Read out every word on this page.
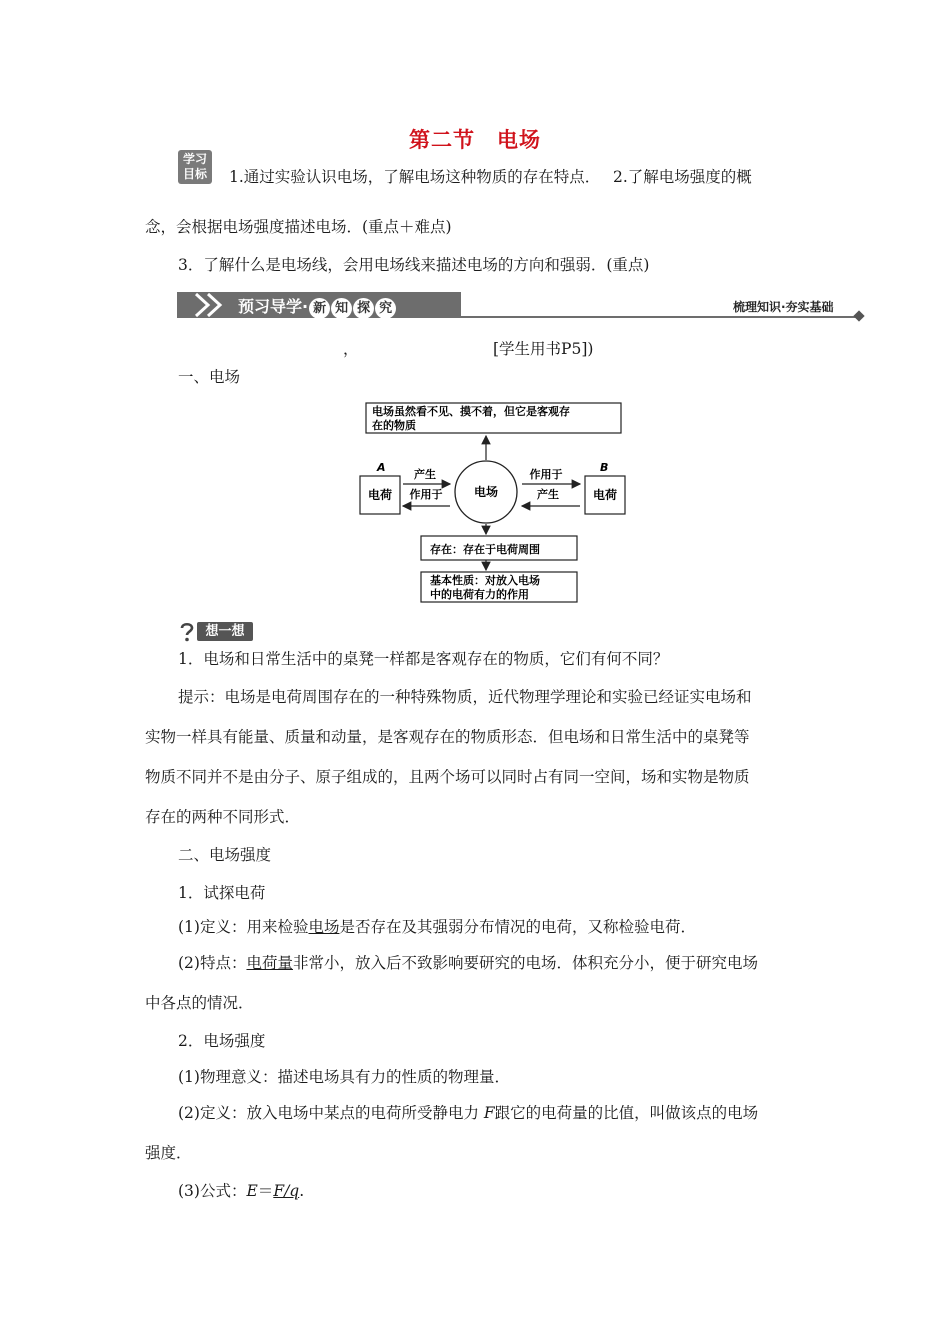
第二节　电场
学习
目标	1.通过实验认识电场，了解电场这种物质的存在特点．　 2.了解电场强度的概
念，会根据电场强度描述电场．(重点＋难点)
3．了解什么是电场线，会用电场线来描述电场的方向和强弱．(重点)
预习导学· 新 知 探 究	梳理知识·夯实基础
，	[学生用书P5])
一、电场
电场虽然看不见、摸不着，但它是客观存
在的物质
电场
A
电荷
B
电荷
产生
作用于
作用于
产生
存在：存在于电荷周围
基本性质：对放入电场
中的电荷有力的作用
想一想
1．电场和日常生活中的桌凳一样都是客观存在的物质，它们有何不同？
提示：电场是电荷周围存在的一种特殊物质，近代物理学理论和实验已经证实电场和
实物一样具有能量、质量和动量，是客观存在的物质形态．但电场和日常生活中的桌凳等
物质不同并不是由分子、原子组成的，且两个场可以同时占有同一空间，场和实物是物质
存在的两种不同形式．
二、电场强度
1．试探电荷
(1)定义：用来检验电场是否存在及其强弱分布情况的电荷，又称检验电荷．
(2)特点：电荷量非常小，放入后不致影响要研究的电场．体积充分小，便于研究电场
中各点的情况．
2．电场强度
(1)物理意义：描述电场具有力的性质的物理量．
(2)定义：放入电场中某点的电荷所受静电力 F跟它的电荷量的比值，叫做该点的电场
强度．
(3)公式：E＝F/q.
